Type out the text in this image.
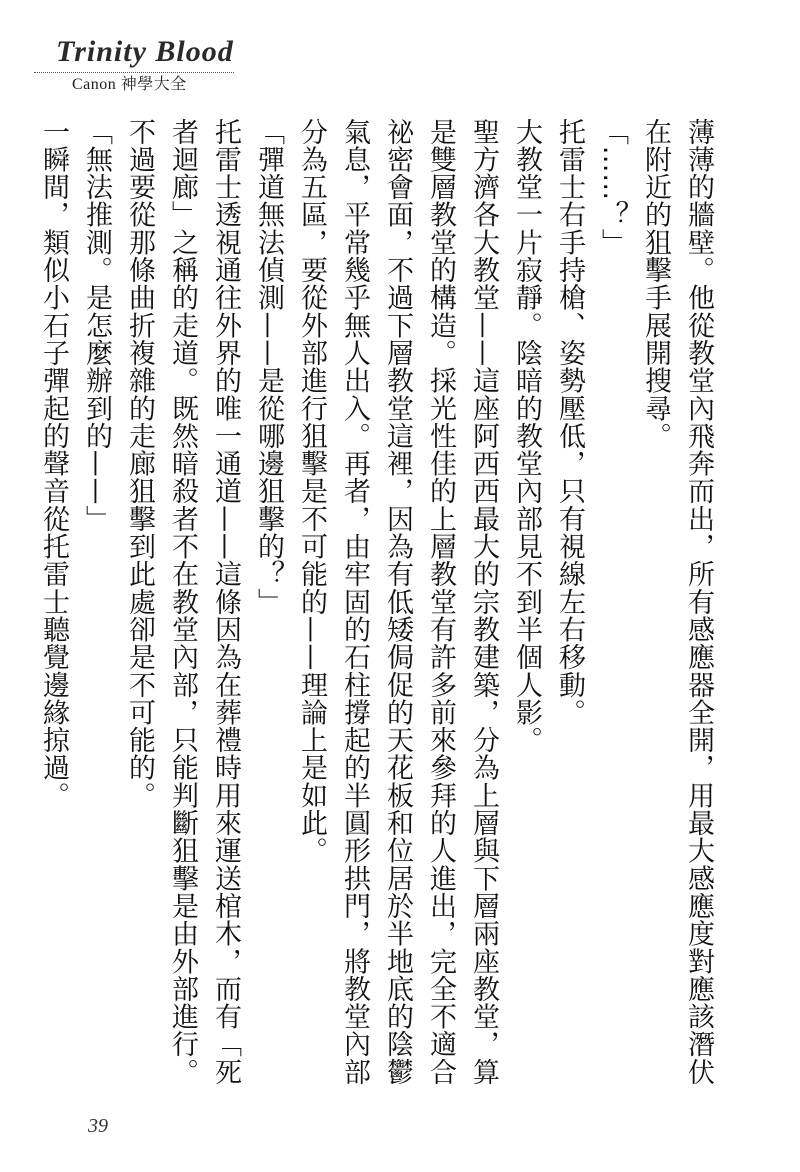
Trinity Blood
Canon 神學大全

薄薄的牆壁。他從教堂內飛奔而出，所有感應器全開，用最大感應度對應該潛伏在附近的狙擊手展開搜尋。

「……？」

托雷士右手持槍、姿勢壓低，只有視線左右移動。

大教堂一片寂靜。陰暗的教堂內部見不到半個人影。

聖方濟各大教堂——這座阿西西最大的宗教建築，分為上層與下層兩座教堂，算是雙層教堂的構造。採光性佳的上層教堂有許多前來參拜的人進出，完全不適合祕密會面，不過下層教堂這裡，因為有低矮侷促的天花板和位居於半地底的陰鬱氣息，平常幾乎無人出入。再者，由牢固的石柱撐起的半圓形拱門，將教堂內部分為五區，要從外部進行狙擊是不可能的——理論上是如此。

「彈道無法偵測——是從哪邊狙擊的？」

托雷士透視通往外界的唯一通道——這條因為在葬禮時用來運送棺木，而有「死者迴廊」之稱的走道。既然暗殺者不在教堂內部，只能判斷狙擊是由外部進行。不過要從那條曲折複雜的走廊狙擊到此處卻是不可能的。

「無法推測。是怎麼辦到的——」

一瞬間，類似小石子彈起的聲音從托雷士聽覺邊緣掠過。

39
